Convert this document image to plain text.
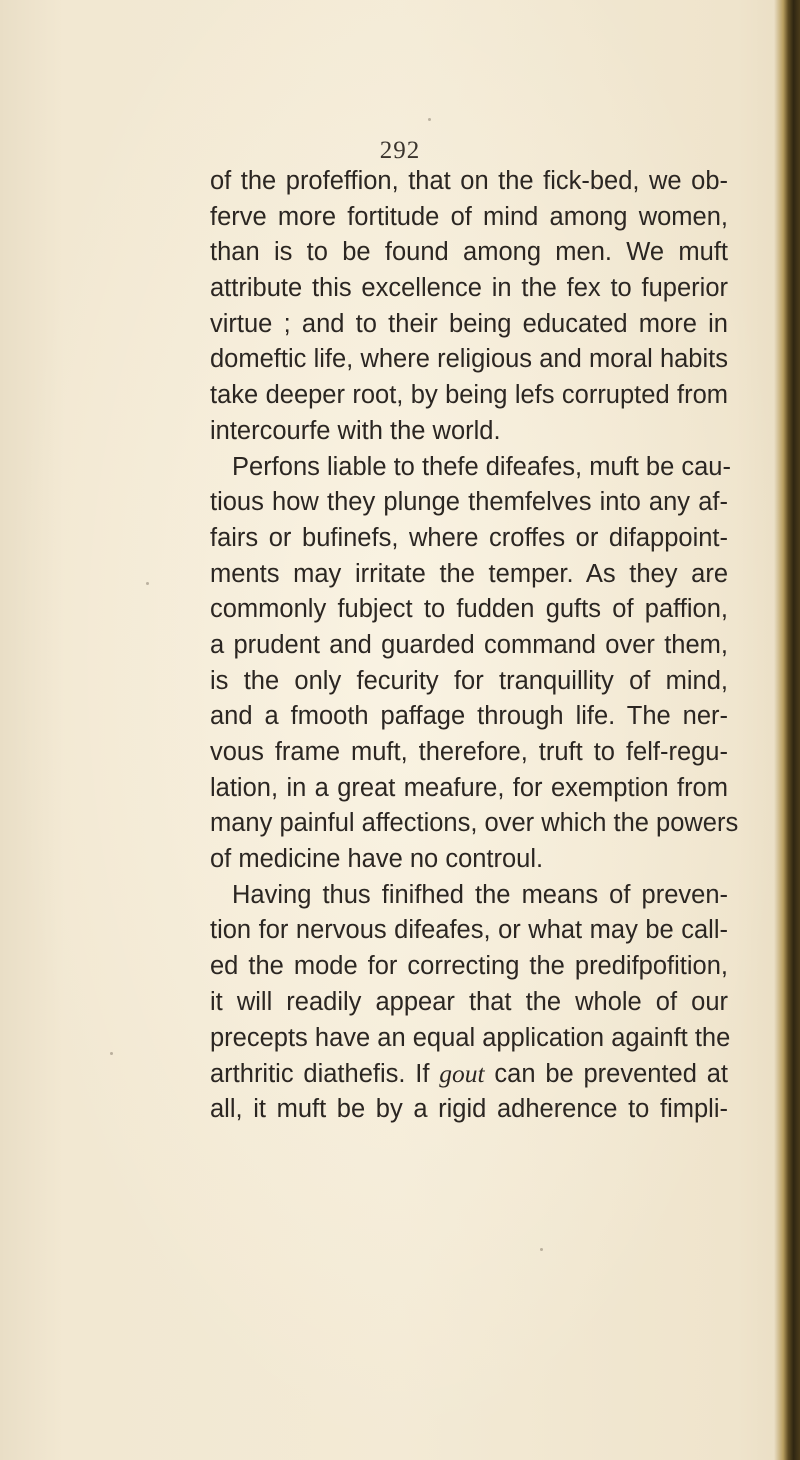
292
of the profeffion, that on the fick-bed, we ob-
ferve more fortitude of mind among women,
than is to be found among men. We muft
attribute this excellence in the fex to fuperior
virtue ; and to their being educated more in
domeftic life, where religious and moral habits
take deeper root, by being lefs corrupted from
intercourfe with the world.
Perfons liable to thefe difeafes, muft be cau-
tious how they plunge themfelves into any af-
fairs or bufinefs, where croffes or difappoint-
ments may irritate the temper. As they are
commonly fubject to fudden gufts of paffion,
a prudent and guarded command over them,
is the only fecurity for tranquillity of mind,
and a fmooth paffage through life. The ner-
vous frame muft, therefore, truft to felf-regu-
lation, in a great meafure, for exemption from
many painful affections, over which the powers
of medicine have no controul.
Having thus finifhed the means of preven-
tion for nervous difeafes, or what may be call-
ed the mode for correcting the predifpofition,
it will readily appear that the whole of our
precepts have an equal application againft the
arthritic diathefis. If gout can be prevented at
all, it muft be by a rigid adherence to fimpli-
